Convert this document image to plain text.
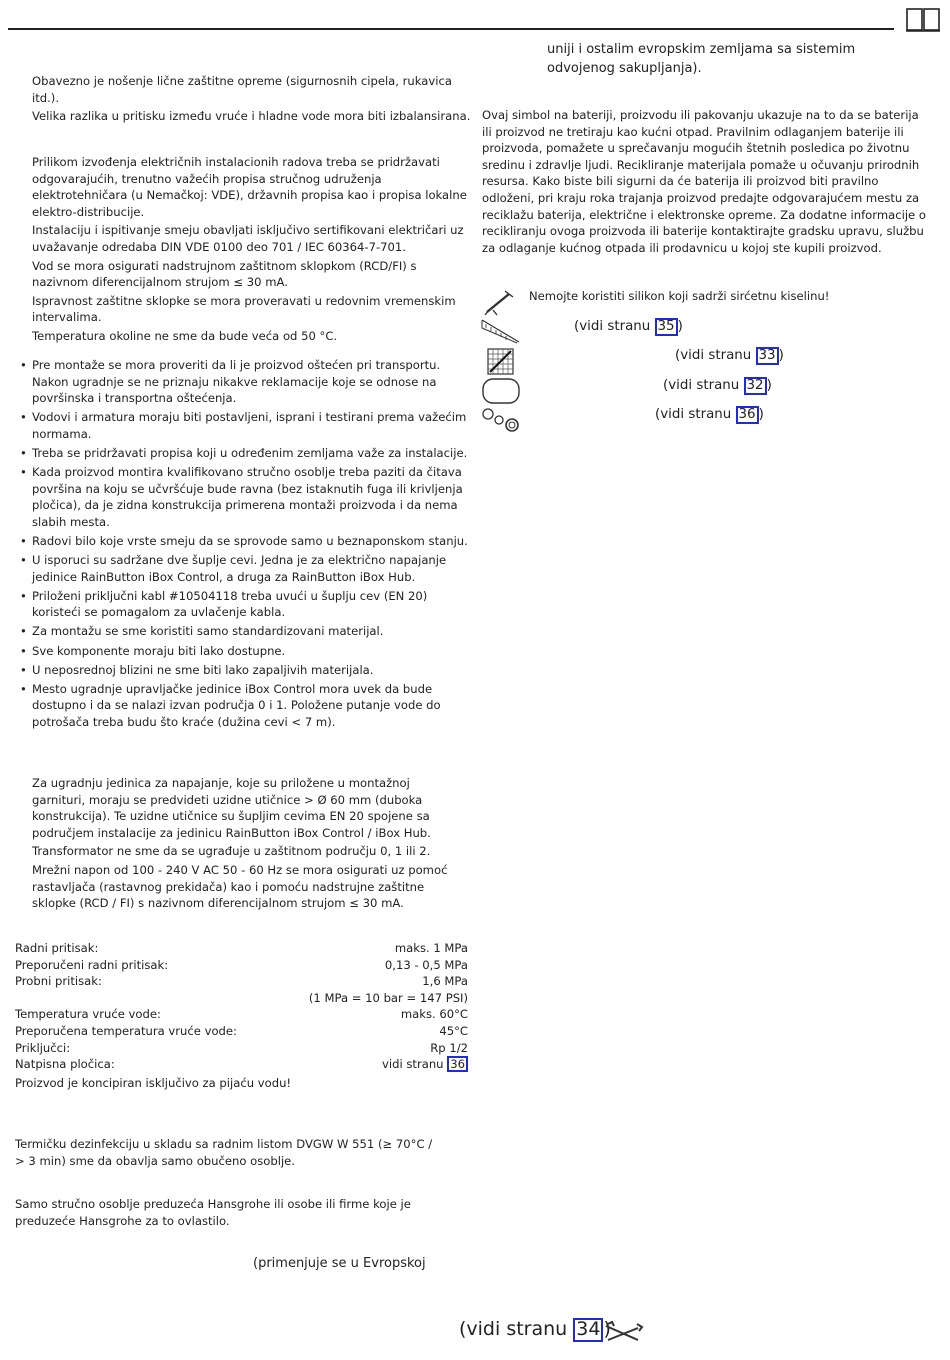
Obavezno je nošenje lične zaštitne opreme (sigurnosnih cipela, rukavica itd.).

Velika razlika u pritisku između vruće i hladne vode mora biti izbalansirana.

Prilikom izvođenja električnih instalacionih radova treba se pridržavati odgovarajućih, trenutno važećih propisa stručnog udruženja elektrotehničara (u Nemačkoj: VDE), državnih propisa kao i propisa lokalne elektro-distribucije.

Instalaciju i ispitivanje smeju obavljati isključivo sertifikovani električari uz uvažavanje odredaba DIN VDE 0100 deo 701 / IEC 60364-7-701.

Vod se mora osigurati nadstrujnom zaštitnom sklopkom (RCD/FI) s nazivnom diferencijalnom strujom ≤ 30 mA.

Ispravnost zaštitne sklopke se mora proveravati u redovnim vremenskim intervalima.

Temperatura okoline ne sme da bude veća od 50 °C.

• Pre montaže se mora proveriti da li je proizvod oštećen pri transportu. Nakon ugradnje se ne priznaju nikakve reklamacije koje se odnose na površinska i transportna oštećenja.
• Vodovi i armatura moraju biti postavljeni, isprani i testirani prema važećim normama.
• Treba se pridržavati propisa koji u određenim zemljama važe za instalacije.
• Kada proizvod montira kvalifikovano stručno osoblje treba paziti da čitava površina na koju se učvršćuje bude ravna (bez istaknutih fuga ili krivljenja pločica), da je zidna konstrukcija primerena montaži proizvoda i da nema slabih mesta.
• Radovi bilo koje vrste smeju da se sprovode samo u beznaponskom stanju.
• U isporuci su sadržane dve šuplje cevi. Jedna je za električno napajanje jedinice RainButton iBox Control, a druga za RainButton iBox Hub.
• Priloženi priključni kabl #10504118 treba uvući u šuplju cev (EN 20) koristeći se pomagalom za uvlačenje kabla.
• Za montažu se sme koristiti samo standardizovani materijal.
• Sve komponente moraju biti lako dostupne.
• U neposrednoj blizini ne sme biti lako zapaljivih materijala.
• Mesto ugradnje upravljačke jedinice iBox Control mora uvek da bude dostupno i da se nalazi izvan područja 0 i 1. Položene putanje vode do potrošača trebа budu što kraće (dužina cevi < 7 m).

Za ugradnju jedinica za napajanje, koje su priložene u montažnoj garnituri, moraju se predvideti uzidne utičnice > Ø 60 mm (duboka konstrukcija). Te uzidne utičnice su šupljim cevima EN 20 spojene sa područjem instalacije za jedinicu RainButton iBox Control / iBox Hub.

Transformator ne sme da se ugrađuje u zaštitnom području 0, 1 ili 2.

Mrežni napon od 100 - 240 V AC 50 - 60 Hz se mora osigurati uz pomoć rastavljača (rastavnog prekidača) kao i pomoću nadstrujne zaštitne sklopke (RCD / FI) s nazivnom diferencijalnom strujom ≤ 30 mA.

Radni pritisak:	maks. 1 MPa
Preporučeni radni pritisak:	0,13 - 0,5 MPa
Probni pritisak:	1,6 MPa
(1 MPa = 10 bar = 147 PSI)
Temperatura vruće vode:	maks. 60°C
Preporučena temperatura vruće vode:	45°C
Priključci:	Rp 1/2
Natpisna pločica:	vidi stranu 36
Proizvod je koncipiran isključivo za pijaću vodu!
Termičku dezinfekciju u skladu sa radnim listom DVGW W 551 (≥ 70°C / > 3 min) sme da obavlja samo obučeno osoblje.
Samo stručno osoblje preduzeća Hansgrohe ili osobe ili firme koje je preduzeće Hansgrohe za to ovlastilo.
(primenjuje se u Evropskoj
uniji i ostalim evropskim zemljama sa sistemim odvojenog sakupljanja).
Ovaj simbol na bateriji, proizvodu ili pakovanju ukazuje na to da se baterija ili proizvod ne tretiraju kao kućni otpad. Pravilnim odlaganjem baterije ili proizvoda, pomažete u sprečavanju mogućih štetnih posledica po životnu sredinu i zdravlje ljudi. Recikliranje materijala pomaže u očuvanju prirodnih resursa. Kako biste bili sigurni da će baterija ili proizvod biti pravilno odloženi, pri kraju roka trajanja proizvod predajte odgovarajućem mestu za reciklažu baterija, električne i elektronske opreme. Za dodatne informacije o recikliranju ovoga proizvoda ili baterije kontaktirajte gradsku upravu, službu za odlaganje kućnog otpada ili prodavnicu u kojoj ste kupili proizvod.
Nemojte koristiti silikon koji sadrži sirćetnu kiselinu!
(vidi stranu 35 )
(vidi stranu 33 )
(vidi stranu 32 )
(vidi stranu 36 )
(vidi stranu 34 )
